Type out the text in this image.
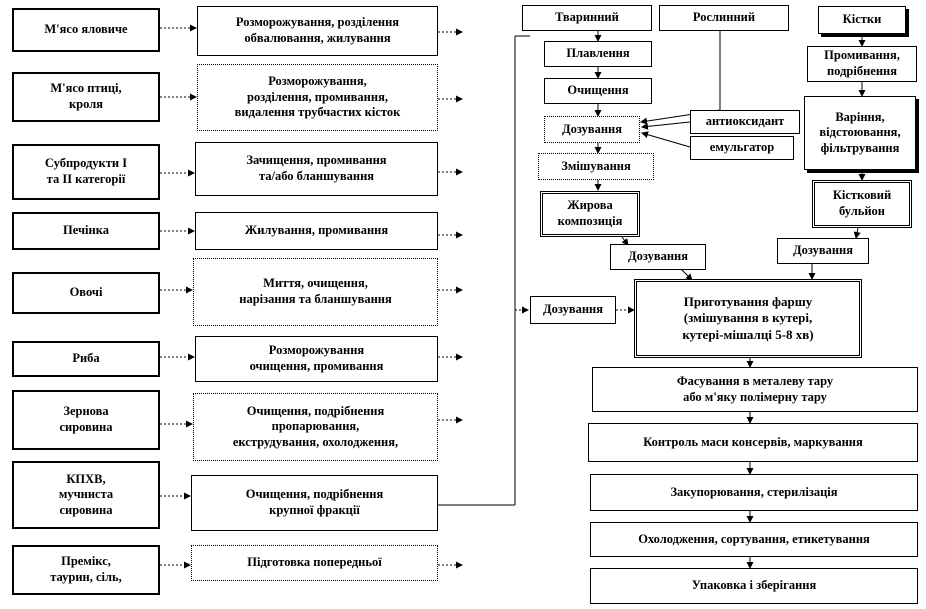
М'ясо яловиче
М'ясо птиці,
кроля
Субпродукти І
та ІІ категорії
Печінка
Овочі
Риба
Зернова
сировина
КПХВ,
мучниста
сировина
Премікс,
таурин, сіль,
Розморожування, розділення
обвалювання, жилування
Розморожування,
розділення, промивання,
видалення трубчастих кісток
Зачищення, промивання
та/або бланшування
Жилування, промивання
Миття, очищення,
нарізання та бланшування
Розморожування
очищення, промивання
Очищення, подрібнення
пропарювання,
екструдування, охолодження,
Очищення, подрібнення
крупної фракції
Підготовка попередньої
Тваринний	Рослинний
Плавлення
Очищення
Дозування
антиоксидант
емульгатор
Змішування
Жирова
композиція
Дозування
Кістки
Промивання,
подрібнення
Варіння,
відстоювання,
фільтрування
Кістковий
бульйон
Дозування
Дозування
Приготування фаршу
(змішування в кутері,
кутері-мішалці 5-8 хв)
Фасування в металеву тару
або м'яку полімерну тару
Контроль маси консервів, маркування
Закупорювання, стерилізація
Охолодження, сортування, етикетування
Упаковка і зберігання
